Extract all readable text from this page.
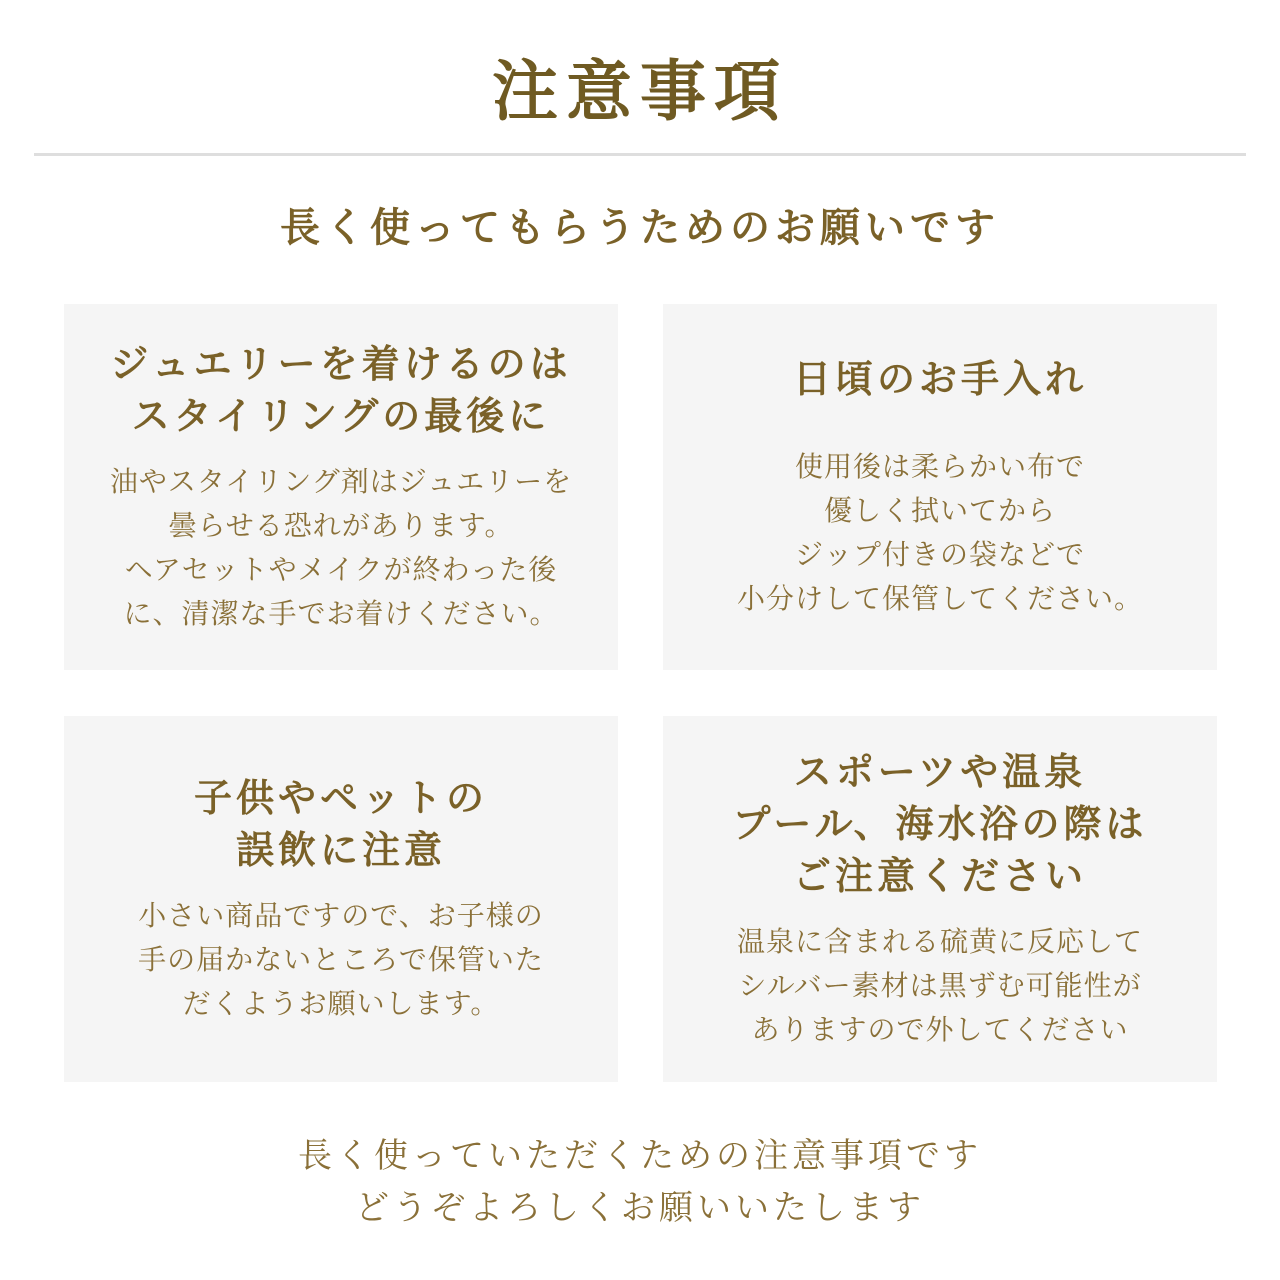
注意事項
長く使ってもらうためのお願いです
ジュエリーを着けるのは
スタイリングの最後に

油やスタイリング剤はジュエリーを
曇らせる恐れがあります。
ヘアセットやメイクが終わった後
に、清潔な手でお着けください。

日頃のお手入れ

使用後は柔らかい布で
優しく拭いてから
ジップ付きの袋などで
小分けして保管してください。

子供やペットの
誤飲に注意

小さい商品ですので、お子様の
手の届かないところで保管いた
だくようお願いします。

スポーツや温泉
プール、海水浴の際は
ご注意ください

温泉に含まれる硫黄に反応して
シルバー素材は黒ずむ可能性が
ありますので外してください

長く使っていただくための注意事項です
どうぞよろしくお願いいたします
